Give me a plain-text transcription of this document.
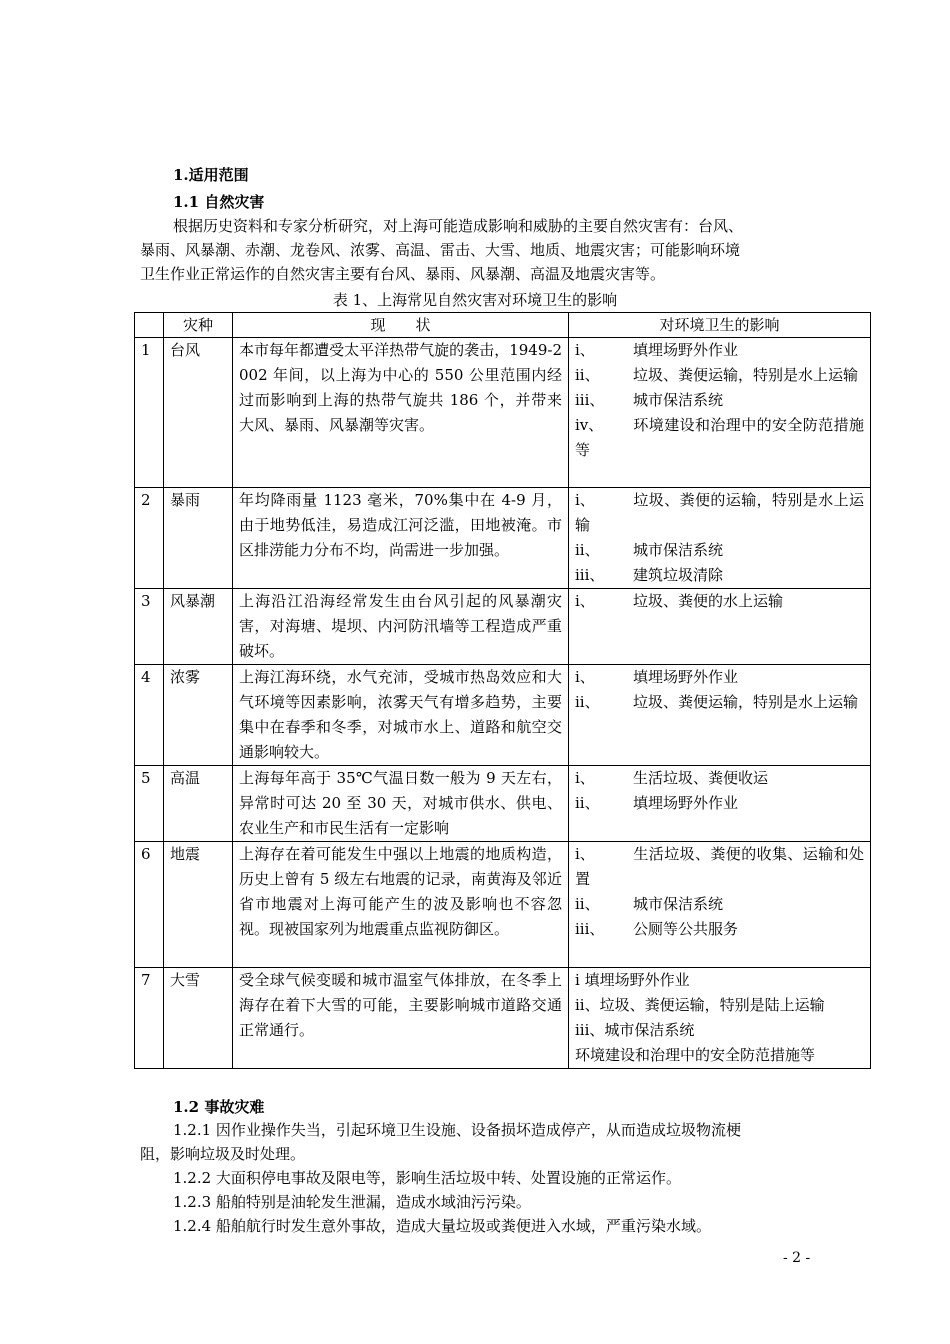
1.适用范围
1.1 自然灾害
根据历史资料和专家分析研究，对上海可能造成影响和威胁的主要自然灾害有：台风、
暴雨、风暴潮、赤潮、龙卷风、浓雾、高温、雷击、大雪、地质、地震灾害；可能影响环境
卫生作业正常运作的自然灾害主要有台风、暴雨、风暴潮、高温及地震灾害等。
表 1、上海常见自然灾害对环境卫生的影响
	灾种	现　　状	对环境卫生的影响
1	台风	本市每年都遭受太平洋热带气旋的袭击，1949-2002 年间，以上海为中心的 550 公里范围内经过而影响到上海的热带气旋共 186 个，并带来大风、暴雨、风暴潮等灾害。	i、 填埋场野外作业
ii、 垃圾、粪便运输，特别是水上运输
iii、 城市保洁系统
iv、 环境建设和治理中的安全防范措施等

2	暴雨	年均降雨量 1123 毫米，70%集中在 4-9 月，由于地势低洼，易造成江河泛滥，田地被淹。市区排涝能力分布不均，尚需进一步加强。	i、 垃圾、粪便的运输，特别是水上运输
ii、 城市保洁系统
iii、 建筑垃圾清除

3	风暴潮	上海沿江沿海经常发生由台风引起的风暴潮灾害，对海塘、堤坝、内河防汛墙等工程造成严重破坏。	i、 垃圾、粪便的水上运输

4	浓雾	上海江海环绕，水气充沛，受城市热岛效应和大气环境等因素影响，浓雾天气有增多趋势，主要集中在春季和冬季，对城市水上、道路和航空交通影响较大。	i、 填埋场野外作业
ii、 垃圾、粪便运输，特别是水上运输

5	高温	上海每年高于 35℃气温日数一般为 9 天左右，异常时可达 20 至 30 天，对城市供水、供电、农业生产和市民生活有一定影响	i、 生活垃圾、粪便收运
ii、 填埋场野外作业

6	地震	上海存在着可能发生中强以上地震的地质构造，历史上曾有 5 级左右地震的记录，南黄海及邻近省市地震对上海可能产生的波及影响也不容忽视。现被国家列为地震重点监视防御区。	i、 生活垃圾、粪便的收集、运输和处置
ii、 城市保洁系统
iii、 公厕等公共服务

7	大雪	受全球气候变暖和城市温室气体排放，在冬季上海存在着下大雪的可能，主要影响城市道路交通正常通行。	i 填埋场野外作业
ii、垃圾、粪便运输，特别是陆上运输
iii、城市保洁系统
环境建设和治理中的安全防范措施等
1.2 事故灾难
1.2.1 因作业操作失当，引起环境卫生设施、设备损坏造成停产，从而造成垃圾物流梗
阻，影响垃圾及时处理。
1.2.2 大面积停电事故及限电等，影响生活垃圾中转、处置设施的正常运作。
1.2.3 船舶特别是油轮发生泄漏，造成水域油污污染。
1.2.4 船舶航行时发生意外事故，造成大量垃圾或粪便进入水域，严重污染水域。
- 2 -
